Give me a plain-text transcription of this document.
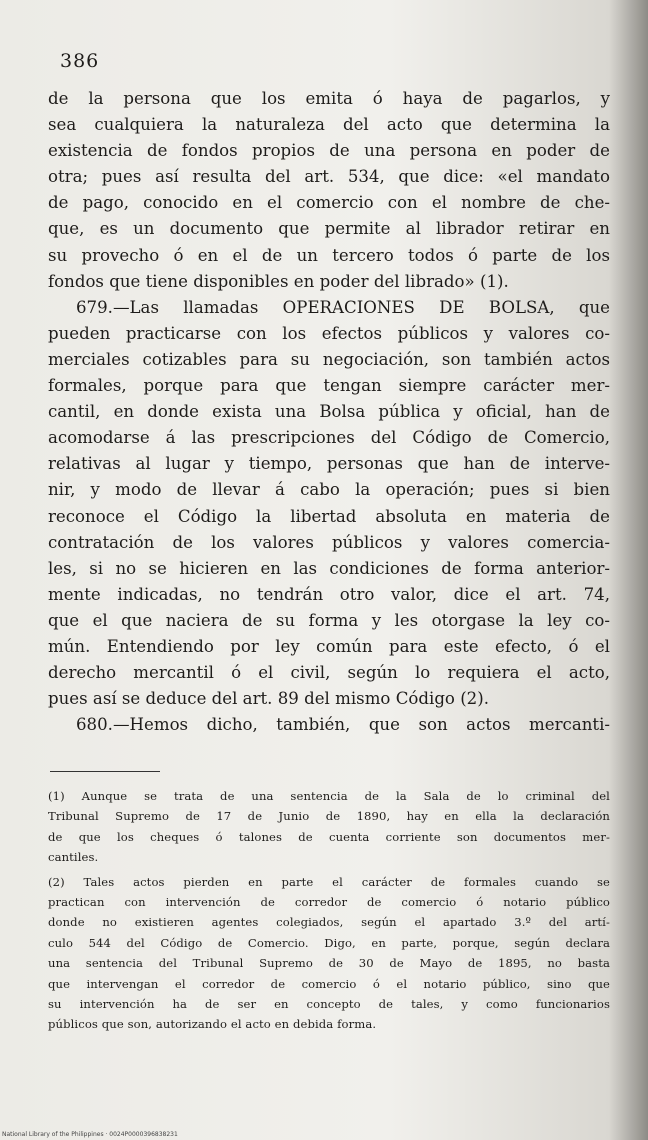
386

de la persona que los emita ó haya de pagarlos, y
sea cualquiera la naturaleza del acto que determina la
existencia de fondos propios de una persona en poder de
otra; pues así resulta del art. 534, que dice: «el mandato
de pago, conocido en el comercio con el nombre de che-
que, es un documento que permite al librador retirar en
su provecho ó en el de un tercero todos ó parte de los
fondos que tiene disponibles en poder del librado» (1).

679.—Las llamadas OPERACIONES DE BOLSA, que
pueden practicarse con los efectos públicos y valores co-
merciales cotizables para su negociación, son también actos
formales, porque para que tengan siempre carácter mer-
cantil, en donde exista una Bolsa pública y oficial, han de
acomodarse á las prescripciones del Código de Comercio,
relativas al lugar y tiempo, personas que han de interve-
nir, y modo de llevar á cabo la operación; pues si bien
reconoce el Código la libertad absoluta en materia de
contratación de los valores públicos y valores comercia-
les, si no se hicieren en las condiciones de forma anterior-
mente indicadas, no tendrán otro valor, dice el art. 74,
que el que naciera de su forma y les otorgase la ley co-
mún. Entendiendo por ley común para este efecto, ó el
derecho mercantil ó el civil, según lo requiera el acto,
pues así se deduce del art. 89 del mismo Código (2).

680.—Hemos dicho, también, que son actos mercanti-

(1) Aunque se trata de una sentencia de la Sala de lo criminal del
Tribunal Supremo de 17 de Junio de 1890, hay en ella la declaración
de que los cheques ó talones de cuenta corriente son documentos mer-
cantiles.
(2) Tales actos pierden en parte el carácter de formales cuando se
practican con intervención de corredor de comercio ó notario público
donde no existieren agentes colegiados, según el apartado 3.º del artí-
culo 544 del Código de Comercio. Digo, en parte, porque, según declara
una sentencia del Tribunal Supremo de 30 de Mayo de 1895, no basta
que intervengan el corredor de comercio ó el notario público, sino que
su intervención ha de ser en concepto de tales, y como funcionarios
públicos que son, autorizando el acto en debida forma.
National Library of the Philippines · 0024P0000396838231
